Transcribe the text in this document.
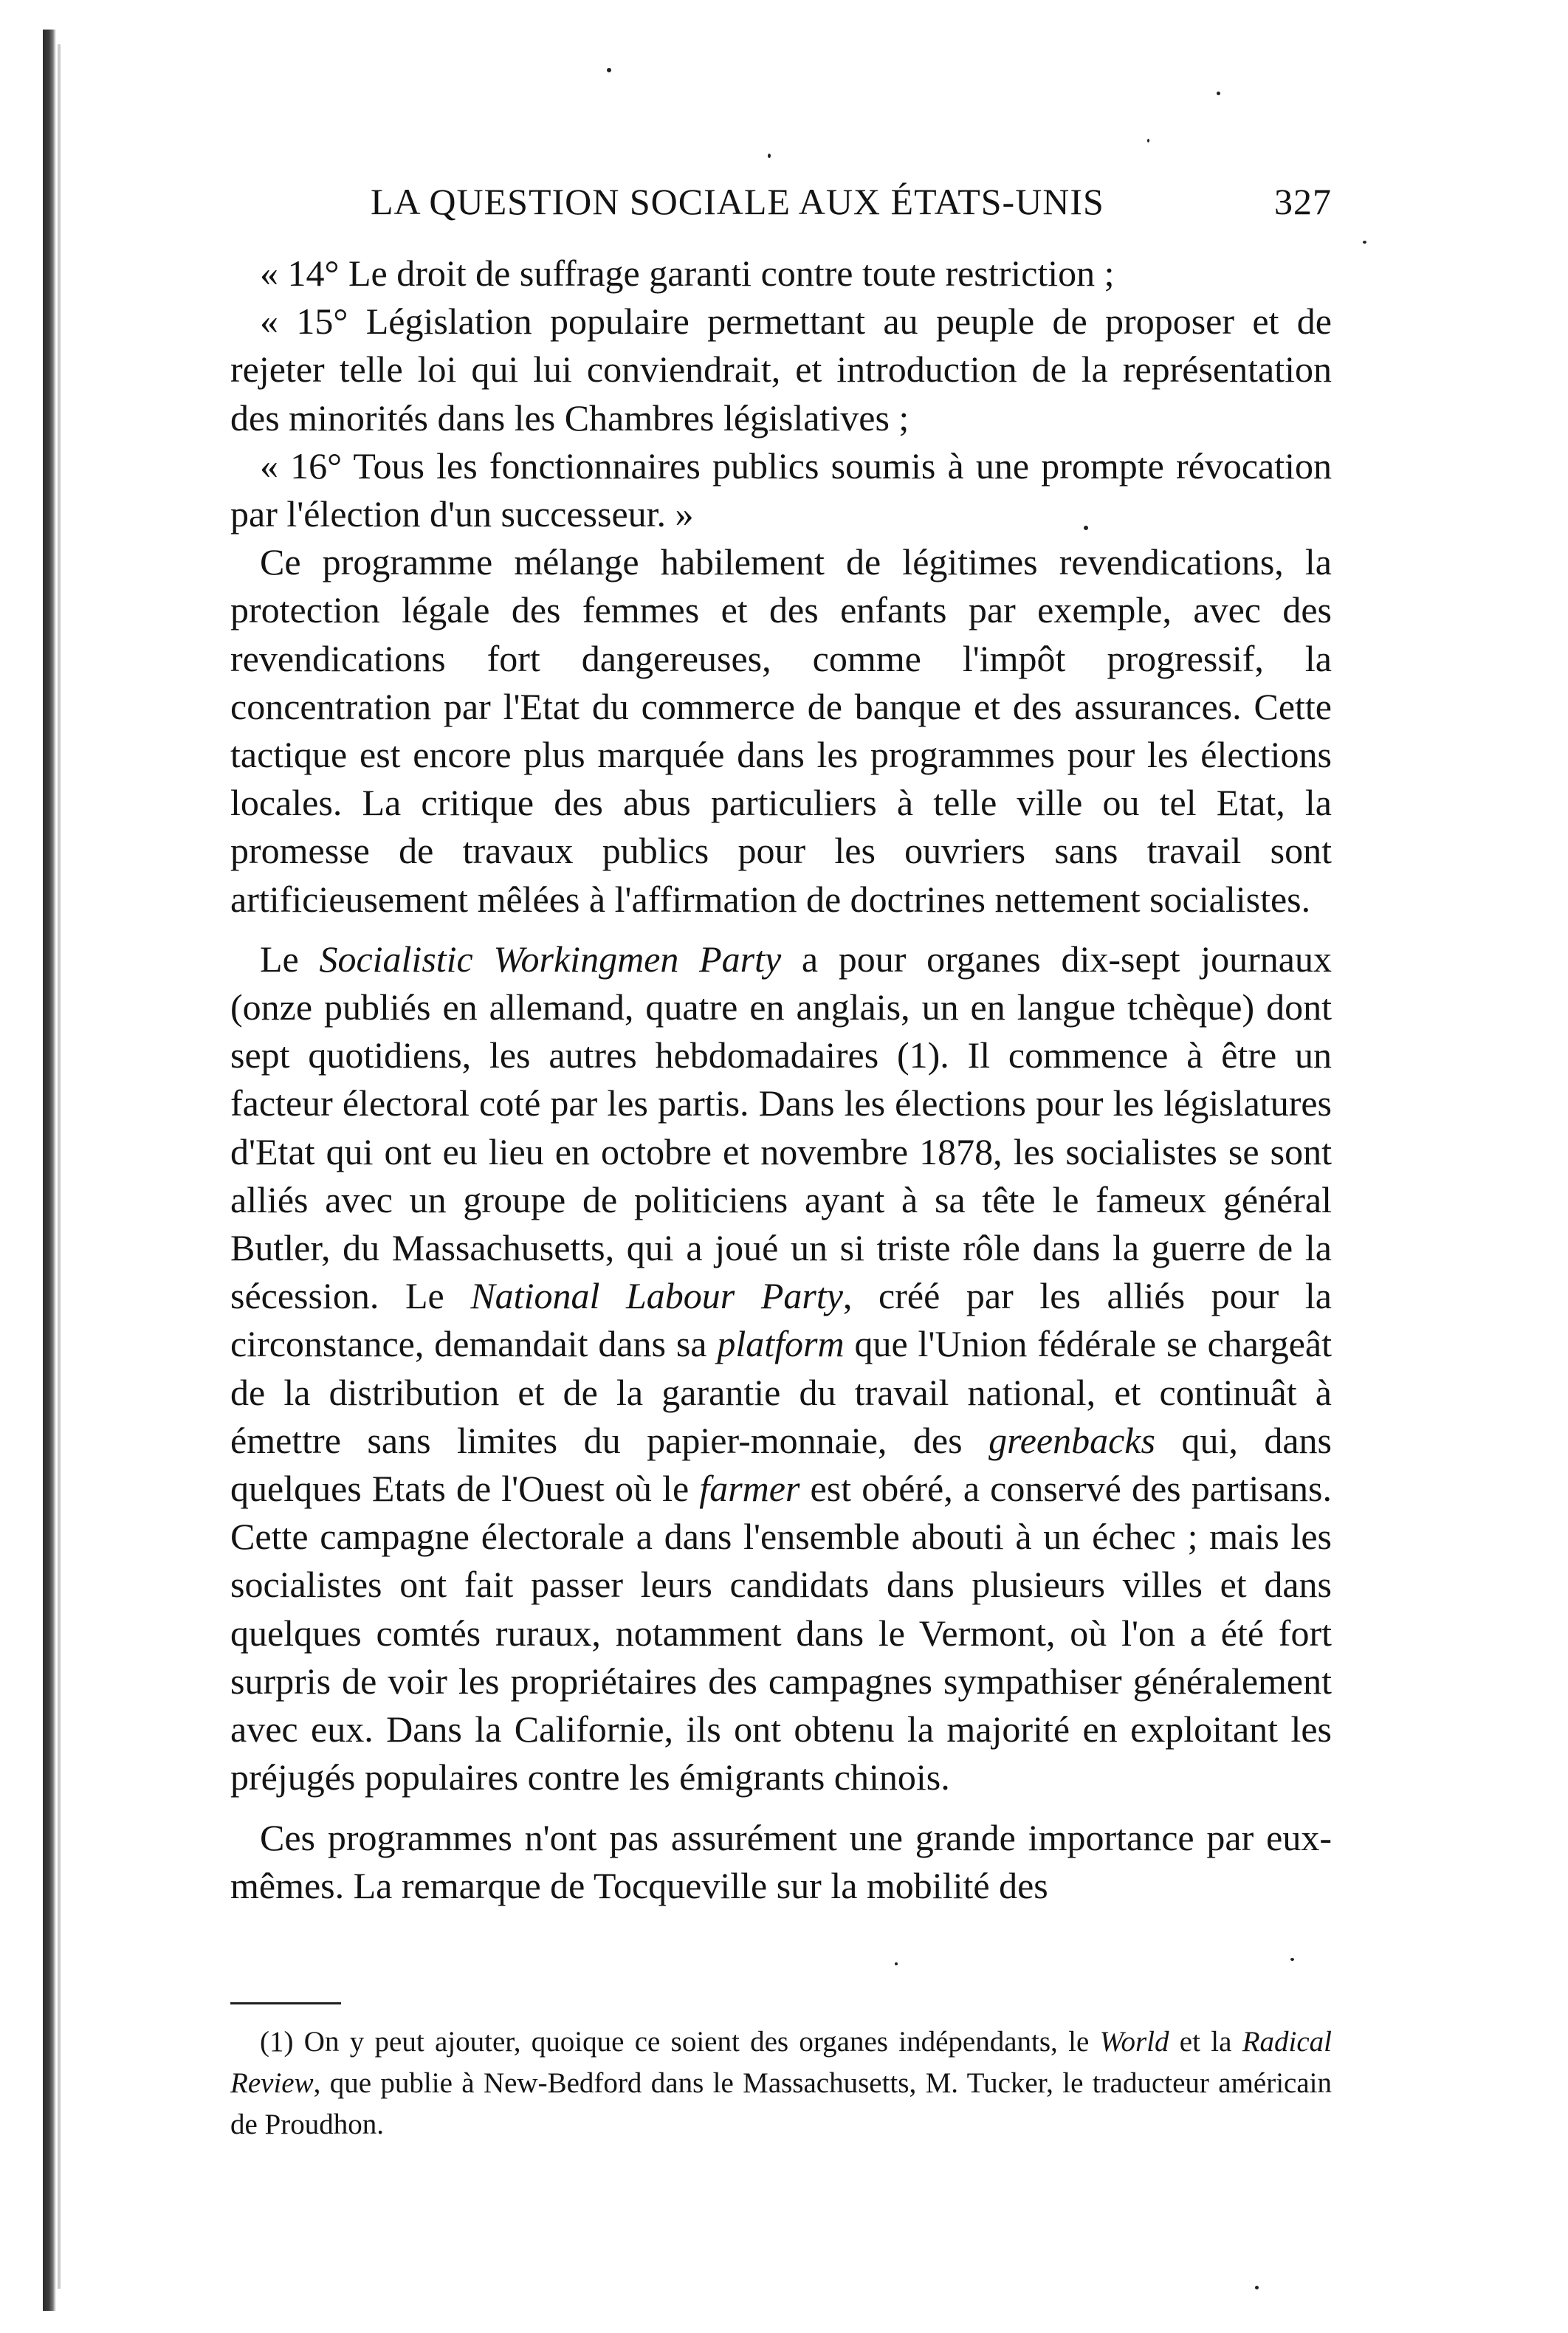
LA QUESTION SOCIALE AUX ÉTATS-UNIS	327

« 14° Le droit de suffrage garanti contre toute restriction ;

« 15° Législation populaire permettant au peuple de proposer et de rejeter telle loi qui lui conviendrait, et introduction de la représentation des minorités dans les Chambres législatives ;

« 16° Tous les fonctionnaires publics soumis à une prompte révocation par l'élection d'un successeur. »

Ce programme mélange habilement de légitimes revendications, la protection légale des femmes et des enfants par exemple, avec des revendications fort dangereuses, comme l'impôt progressif, la concentration par l'Etat du commerce de banque et des assurances. Cette tactique est encore plus marquée dans les programmes pour les élections locales. La critique des abus particuliers à telle ville ou tel Etat, la promesse de travaux publics pour les ouvriers sans travail sont artificieusement mêlées à l'affirmation de doctrines nettement socialistes.

Le Socialistic Workingmen Party a pour organes dix-sept journaux (onze publiés en allemand, quatre en anglais, un en langue tchèque) dont sept quotidiens, les autres hebdomadaires (1). Il commence à être un facteur électoral coté par les partis. Dans les élections pour les législatures d'Etat qui ont eu lieu en octobre et novembre 1878, les socialistes se sont alliés avec un groupe de politiciens ayant à sa tête le fameux général Butler, du Massachusetts, qui a joué un si triste rôle dans la guerre de la sécession. Le National Labour Party, créé par les alliés pour la circonstance, demandait dans sa platform que l'Union fédérale se chargeât de la distribution et de la garantie du travail national, et continuât à émettre sans limites du papier-monnaie, des greenbacks qui, dans quelques Etats de l'Ouest où le farmer est obéré, a conservé des partisans. Cette campagne électorale a dans l'ensemble abouti à un échec ; mais les socialistes ont fait passer leurs candidats dans plusieurs villes et dans quelques comtés ruraux, notamment dans le Vermont, où l'on a été fort surpris de voir les propriétaires des campagnes sympathiser généralement avec eux. Dans la Californie, ils ont obtenu la majorité en exploitant les préjugés populaires contre les émigrants chinois.

Ces programmes n'ont pas assurément une grande importance par eux-mêmes. La remarque de Tocqueville sur la mobilité des

(1) On y peut ajouter, quoique ce soient des organes indépendants, le World et la Radical Review, que publie à New-Bedford dans le Massachusetts, M. Tucker, le traducteur américain de Proudhon.
